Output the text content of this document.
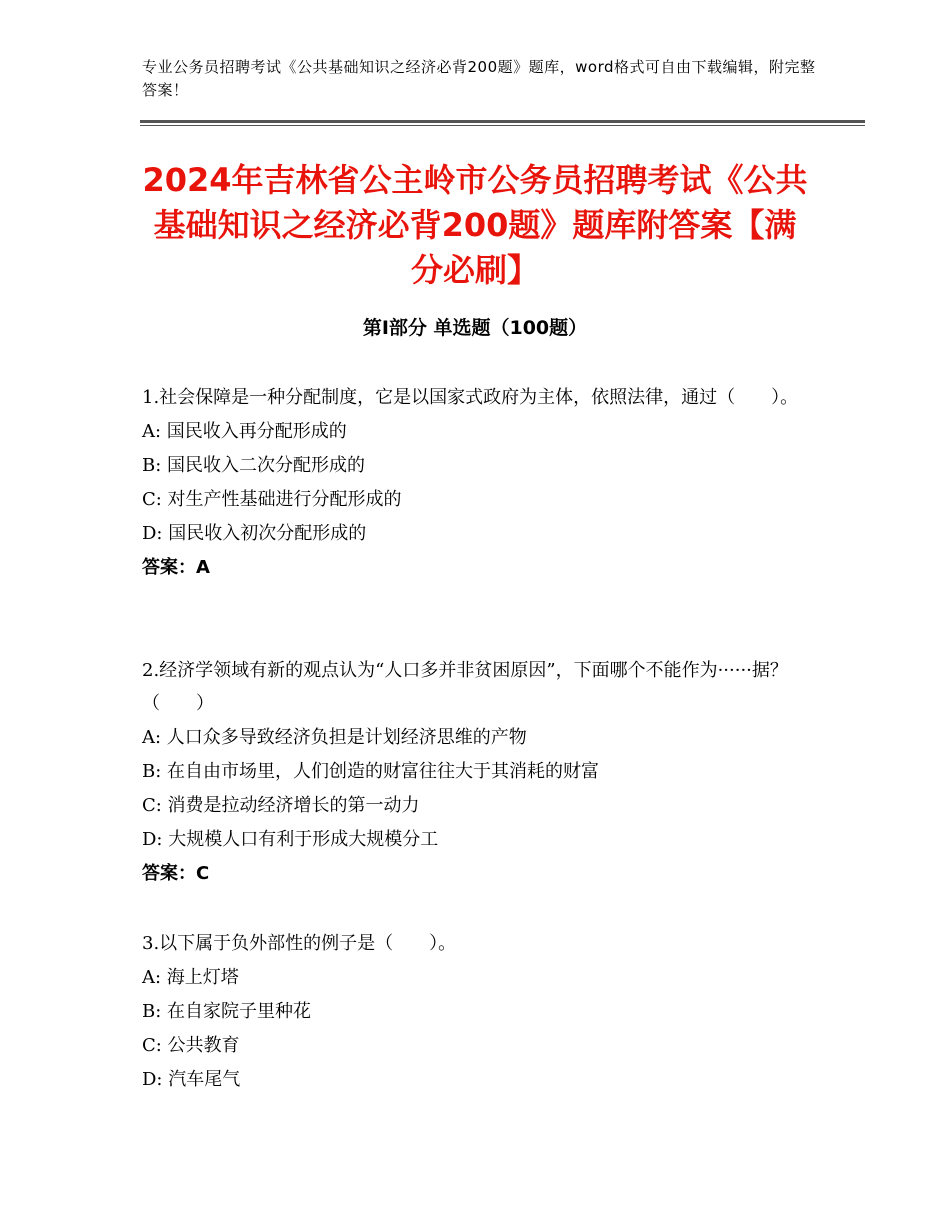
专业公务员招聘考试《公共基础知识之经济必背200题》题库，word格式可自由下载编辑，附完整答案！
2024年吉林省公主岭市公务员招聘考试《公共基础知识之经济必背200题》题库附答案【满分必刷】
第Ⅰ部分 单选题（100题）
1.社会保障是一种分配制度，它是以国家式政府为主体，依照法律，通过（　　）。
A: 国民收入再分配形成的
B: 国民收入二次分配形成的
C: 对生产性基础进行分配形成的
D: 国民收入初次分配形成的
答案：A
2.经济学领域有新的观点认为“人口多并非贫困原因”，下面哪个不能作为······据？（　　）
A: 人口众多导致经济负担是计划经济思维的产物
B: 在自由市场里，人们创造的财富往往大于其消耗的财富
C: 消费是拉动经济增长的第一动力
D: 大规模人口有利于形成大规模分工
答案：C
3.以下属于负外部性的例子是（　　）。
A: 海上灯塔
B: 在自家院子里种花
C: 公共教育
D: 汽车尾气
